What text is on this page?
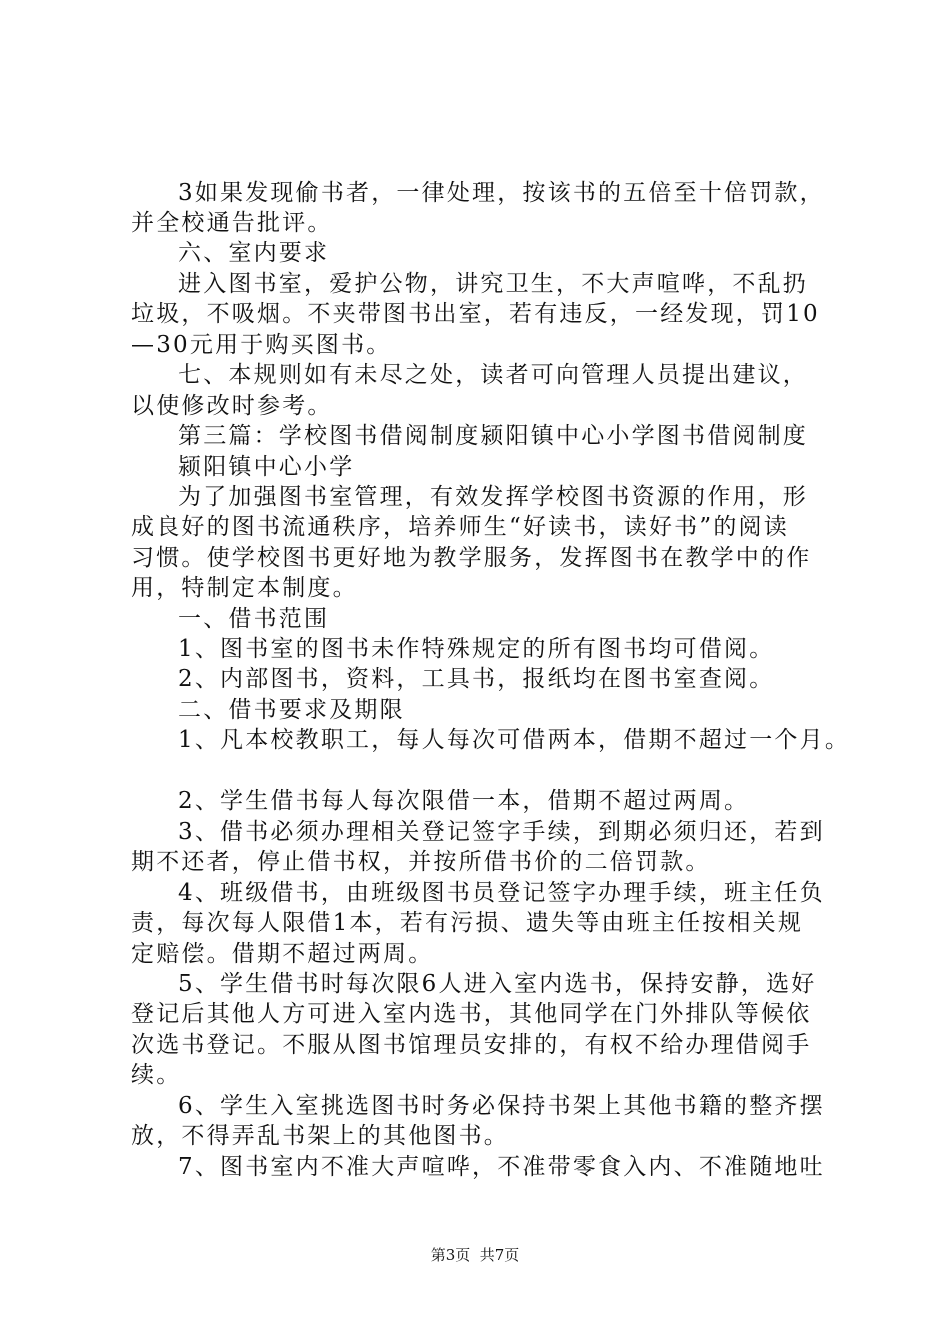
3如果发现偷书者，一律处理，按该书的五倍至十倍罚款，
并全校通告批评。
六、室内要求
进入图书室，爱护公物，讲究卫生，不大声喧哗，不乱扔
垃圾，不吸烟。不夹带图书出室，若有违反，一经发现，罚10
—30元用于购买图书。
七、本规则如有未尽之处，读者可向管理人员提出建议，
以使修改时参考。
第三篇：学校图书借阅制度颍阳镇中心小学图书借阅制度
颍阳镇中心小学
为了加强图书室管理，有效发挥学校图书资源的作用，形
成良好的图书流通秩序，培养师生“好读书，读好书”的阅读
习惯。使学校图书更好地为教学服务，发挥图书在教学中的作
用，特制定本制度。
一、借书范围
1、图书室的图书未作特殊规定的所有图书均可借阅。
2、内部图书，资料，工具书，报纸均在图书室查阅。
二、借书要求及期限
1、凡本校教职工，每人每次可借两本，借期不超过一个月。
2、学生借书每人每次限借一本，借期不超过两周。
3、借书必须办理相关登记签字手续，到期必须归还，若到
期不还者，停止借书权，并按所借书价的二倍罚款。
4、班级借书，由班级图书员登记签字办理手续，班主任负
责，每次每人限借1本，若有污损、遗失等由班主任按相关规
定赔偿。借期不超过两周。
5、学生借书时每次限6人进入室内选书，保持安静，选好
登记后其他人方可进入室内选书，其他同学在门外排队等候依
次选书登记。不服从图书馆理员安排的，有权不给办理借阅手
续。
6、学生入室挑选图书时务必保持书架上其他书籍的整齐摆
放，不得弄乱书架上的其他图书。
7、图书室内不准大声喧哗，不准带零食入内、不准随地吐
第3页  共7页
